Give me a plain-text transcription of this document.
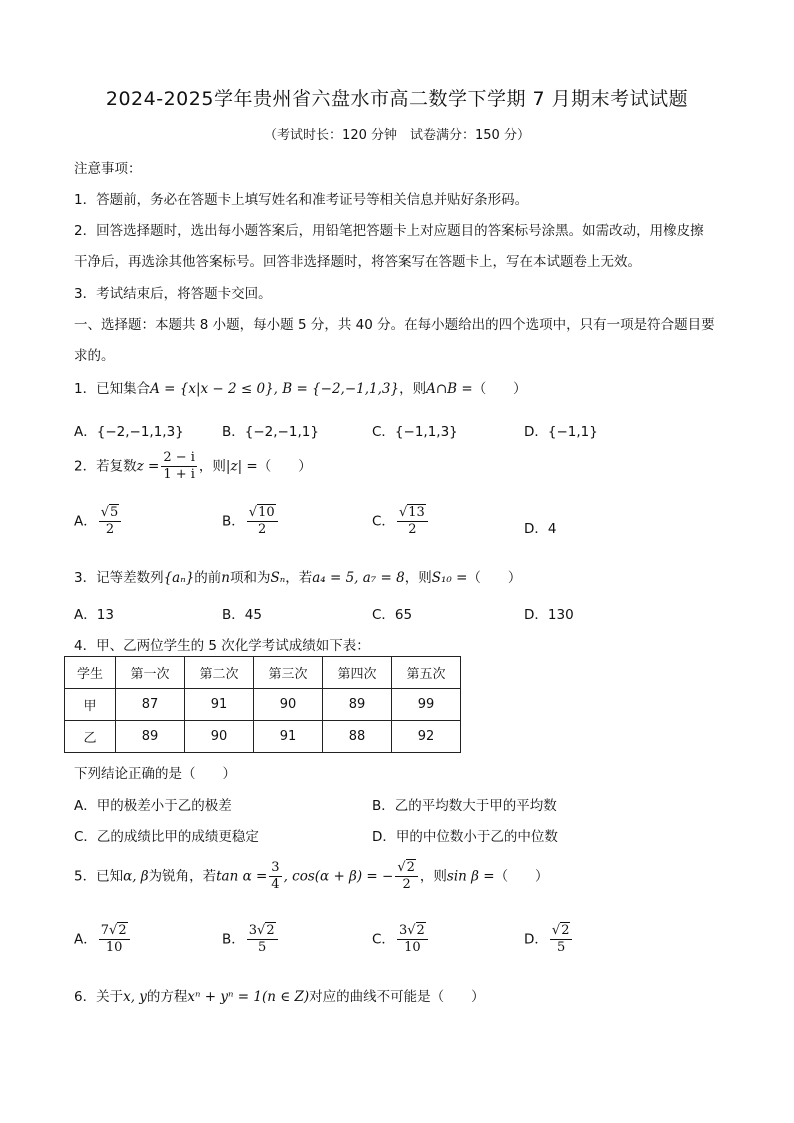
2024-2025学年贵州省六盘水市高二数学下学期 7 月期末考试试题
（考试时长：120 分钟　试卷满分：150 分）
注意事项：
1．答题前，务必在答题卡上填写姓名和准考证号等相关信息并贴好条形码。
2．回答选择题时，选出每小题答案后，用铅笔把答题卡上对应题目的答案标号涂黑。如需改动，用橡皮擦
干净后，再选涂其他答案标号。回答非选择题时，将答案写在答题卡上，写在本试题卷上无效。
3．考试结束后，将答题卡交回。
一、选择题：本题共 8 小题，每小题 5 分，共 40 分。在每小题给出的四个选项中，只有一项是符合题目要
求的。
1．已知集合A = {x|x − 2 ≤ 0}, B = {−2,−1,1,3}，则A∩B =（　　）
A．{−2,−1,1,3}	B．{−2,−1,1}	C．{−1,1,3}	D．{−1,1}
2．若复数$z = \frac{2 - i}{1 + i}$ ，则|z| =（　　）
A． $\frac{√5}{2}$	B． $\frac{√10}{2}$	C． $\frac{√13}{2}$	D．4
3．记等差数列{aₙ}的前n项和为Sₙ，若a₄ = 5, a₇ = 8，则S₁₀ =（　　）
A．13	B．45	C．65	D．130
4．甲、乙两位学生的 5 次化学考试成绩如下表：
学生	第一次	第二次	第三次	第四次	第五次
甲	87	91	90	89	99
乙	89	90	91	88	92
下列结论正确的是（　　）
A．甲的极差小于乙的极差	B．乙的平均数大于甲的平均数
C．乙的成绩比甲的成绩更稳定	D．甲的中位数小于乙的中位数
5．已知α, β为锐角，若$\tan \alpha = \frac{3}{4}$ , cos(α + β) = − $\frac{√2}{2}$ ，则sin β =（　　）
A． $\frac{7√2}{10}$	B． $\frac{3√2}{5}$	C． $\frac{3√2}{10}$	D． $\frac{√2}{5}$
6．关于x, y的方程xⁿ + yⁿ = 1(n ∈ Z)对应的曲线不可能是（　　）
